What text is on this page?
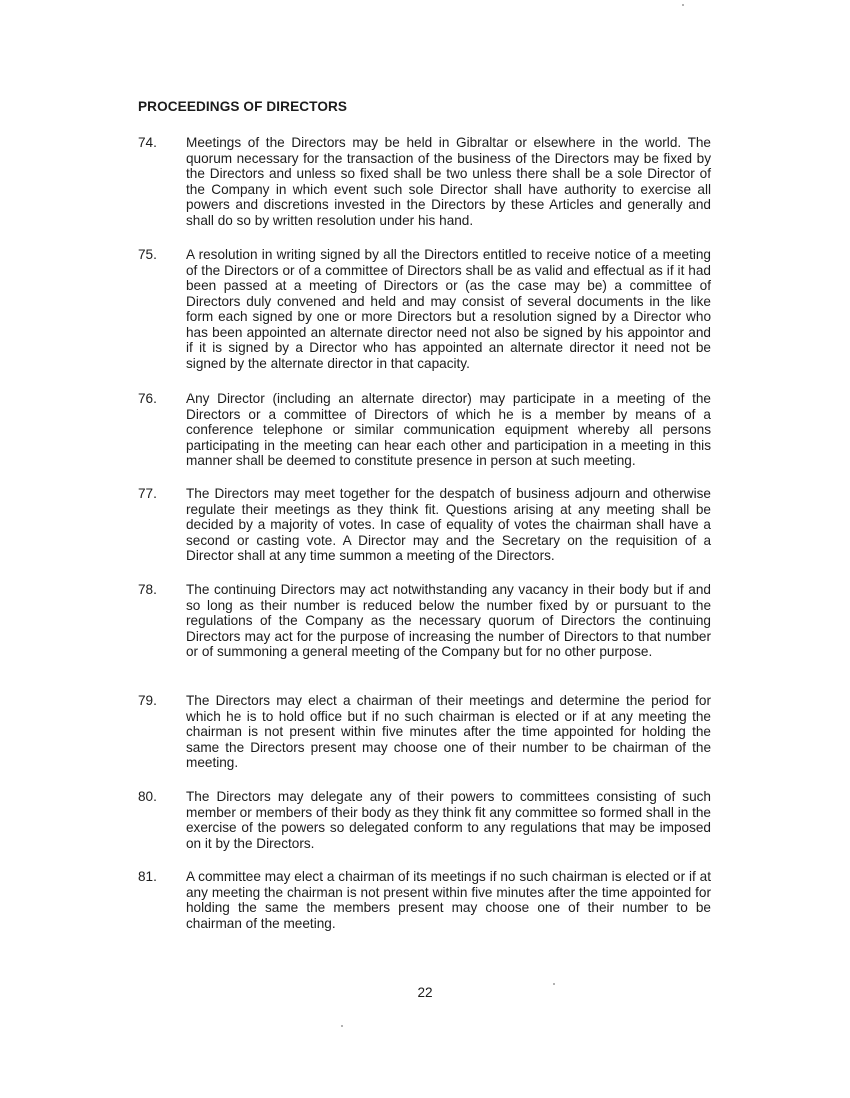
PROCEEDINGS OF DIRECTORS
74. Meetings of the Directors may be held in Gibraltar or elsewhere in the world. The quorum necessary for the transaction of the business of the Directors may be fixed by the Directors and unless so fixed shall be two unless there shall be a sole Director of the Company in which event such sole Director shall have authority to exercise all powers and discretions invested in the Directors by these Articles and generally and shall do so by written resolution under his hand.
75. A resolution in writing signed by all the Directors entitled to receive notice of a meeting of the Directors or of a committee of Directors shall be as valid and effectual as if it had been passed at a meeting of Directors or (as the case may be) a committee of Directors duly convened and held and may consist of several documents in the like form each signed by one or more Directors but a resolution signed by a Director who has been appointed an alternate director need not also be signed by his appointor and if it is signed by a Director who has appointed an alternate director it need not be signed by the alternate director in that capacity.
76. Any Director (including an alternate director) may participate in a meeting of the Directors or a committee of Directors of which he is a member by means of a conference telephone or similar communication equipment whereby all persons participating in the meeting can hear each other and participation in a meeting in this manner shall be deemed to constitute presence in person at such meeting.
77. The Directors may meet together for the despatch of business adjourn and otherwise regulate their meetings as they think fit. Questions arising at any meeting shall be decided by a majority of votes. In case of equality of votes the chairman shall have a second or casting vote. A Director may and the Secretary on the requisition of a Director shall at any time summon a meeting of the Directors.
78. The continuing Directors may act notwithstanding any vacancy in their body but if and so long as their number is reduced below the number fixed by or pursuant to the regulations of the Company as the necessary quorum of Directors the continuing Directors may act for the purpose of increasing the number of Directors to that number or of summoning a general meeting of the Company but for no other purpose.
79. The Directors may elect a chairman of their meetings and determine the period for which he is to hold office but if no such chairman is elected or if at any meeting the chairman is not present within five minutes after the time appointed for holding the same the Directors present may choose one of their number to be chairman of the meeting.
80. The Directors may delegate any of their powers to committees consisting of such member or members of their body as they think fit any committee so formed shall in the exercise of the powers so delegated conform to any regulations that may be imposed on it by the Directors.
81. A committee may elect a chairman of its meetings if no such chairman is elected or if at any meeting the chairman is not present within five minutes after the time appointed for holding the same the members present may choose one of their number to be chairman of the meeting.
22
